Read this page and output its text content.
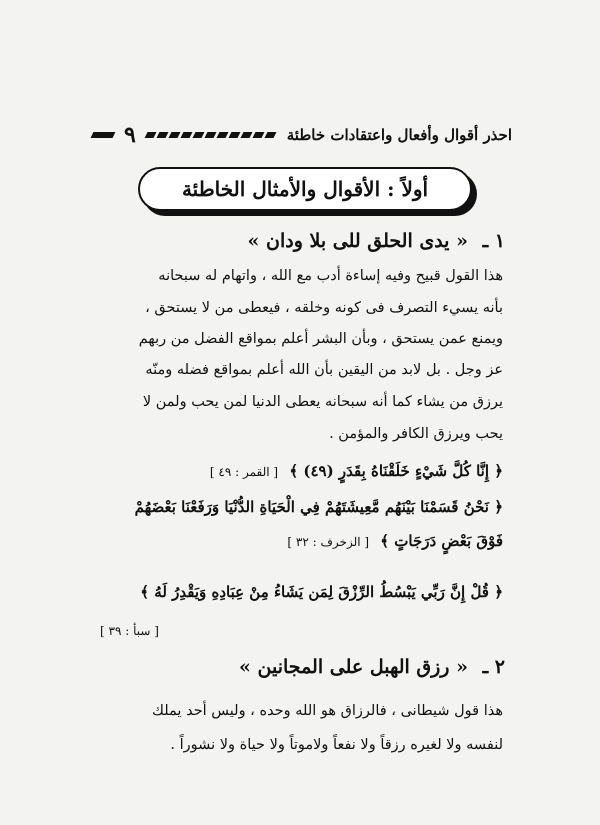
احذر أقوال وأفعال واعتقادات خاطئة
٩
أولاً : الأقوال والأمثال الخاطئة
١ ـ « يدى الحلق للى بلا ودان »
هذا القول قبيح وفيه إساءة أدب مع الله ، واتهام له سبحانه
بأنه يسيء التصرف فى كونه وخلقه ، فيعطى من لا يستحق ،
ويمنع عمن يستحق ، وبأن البشر أعلم بمواقع الفضل من ربهم
عز وجل . بل لابد من اليقين بأن الله أعلم بمواقع فضله ومنّه
يرزق من يشاء كما أنه سبحانه يعطى الدنيا لمن يحب ولمن لا
يحب ويرزق الكافر والمؤمن .
﴿ إِنَّا كُلَّ شَيْءٍ خَلَقْنَاهُ بِقَدَرٍ (٤٩) ﴾ [ القمر : ٤٩ ]
﴿ نَحْنُ قَسَمْنَا بَيْنَهُم مَّعِيشَتَهُمْ فِي الْحَيَاةِ الدُّنْيَا وَرَفَعْنَا بَعْضَهُمْ
فَوْقَ بَعْضٍ دَرَجَاتٍ ﴾ [ الزخرف : ٣٢ ]
﴿ قُلْ إِنَّ رَبِّي يَبْسُطُ الرِّزْقَ لِمَن يَشَاءُ مِنْ عِبَادِهِ وَيَقْدِرُ لَهُ ﴾
[ سبأ : ٣٩ ]
٢ ـ « رزق الهبل على المجانين »
هذا قول شيطانى ، فالرزاق هو الله وحده ، وليس أحد يملك
لنفسه ولا لغيره رزقاً ولا نفعاً ولاموتاً ولا حياة ولا نشوراً .
